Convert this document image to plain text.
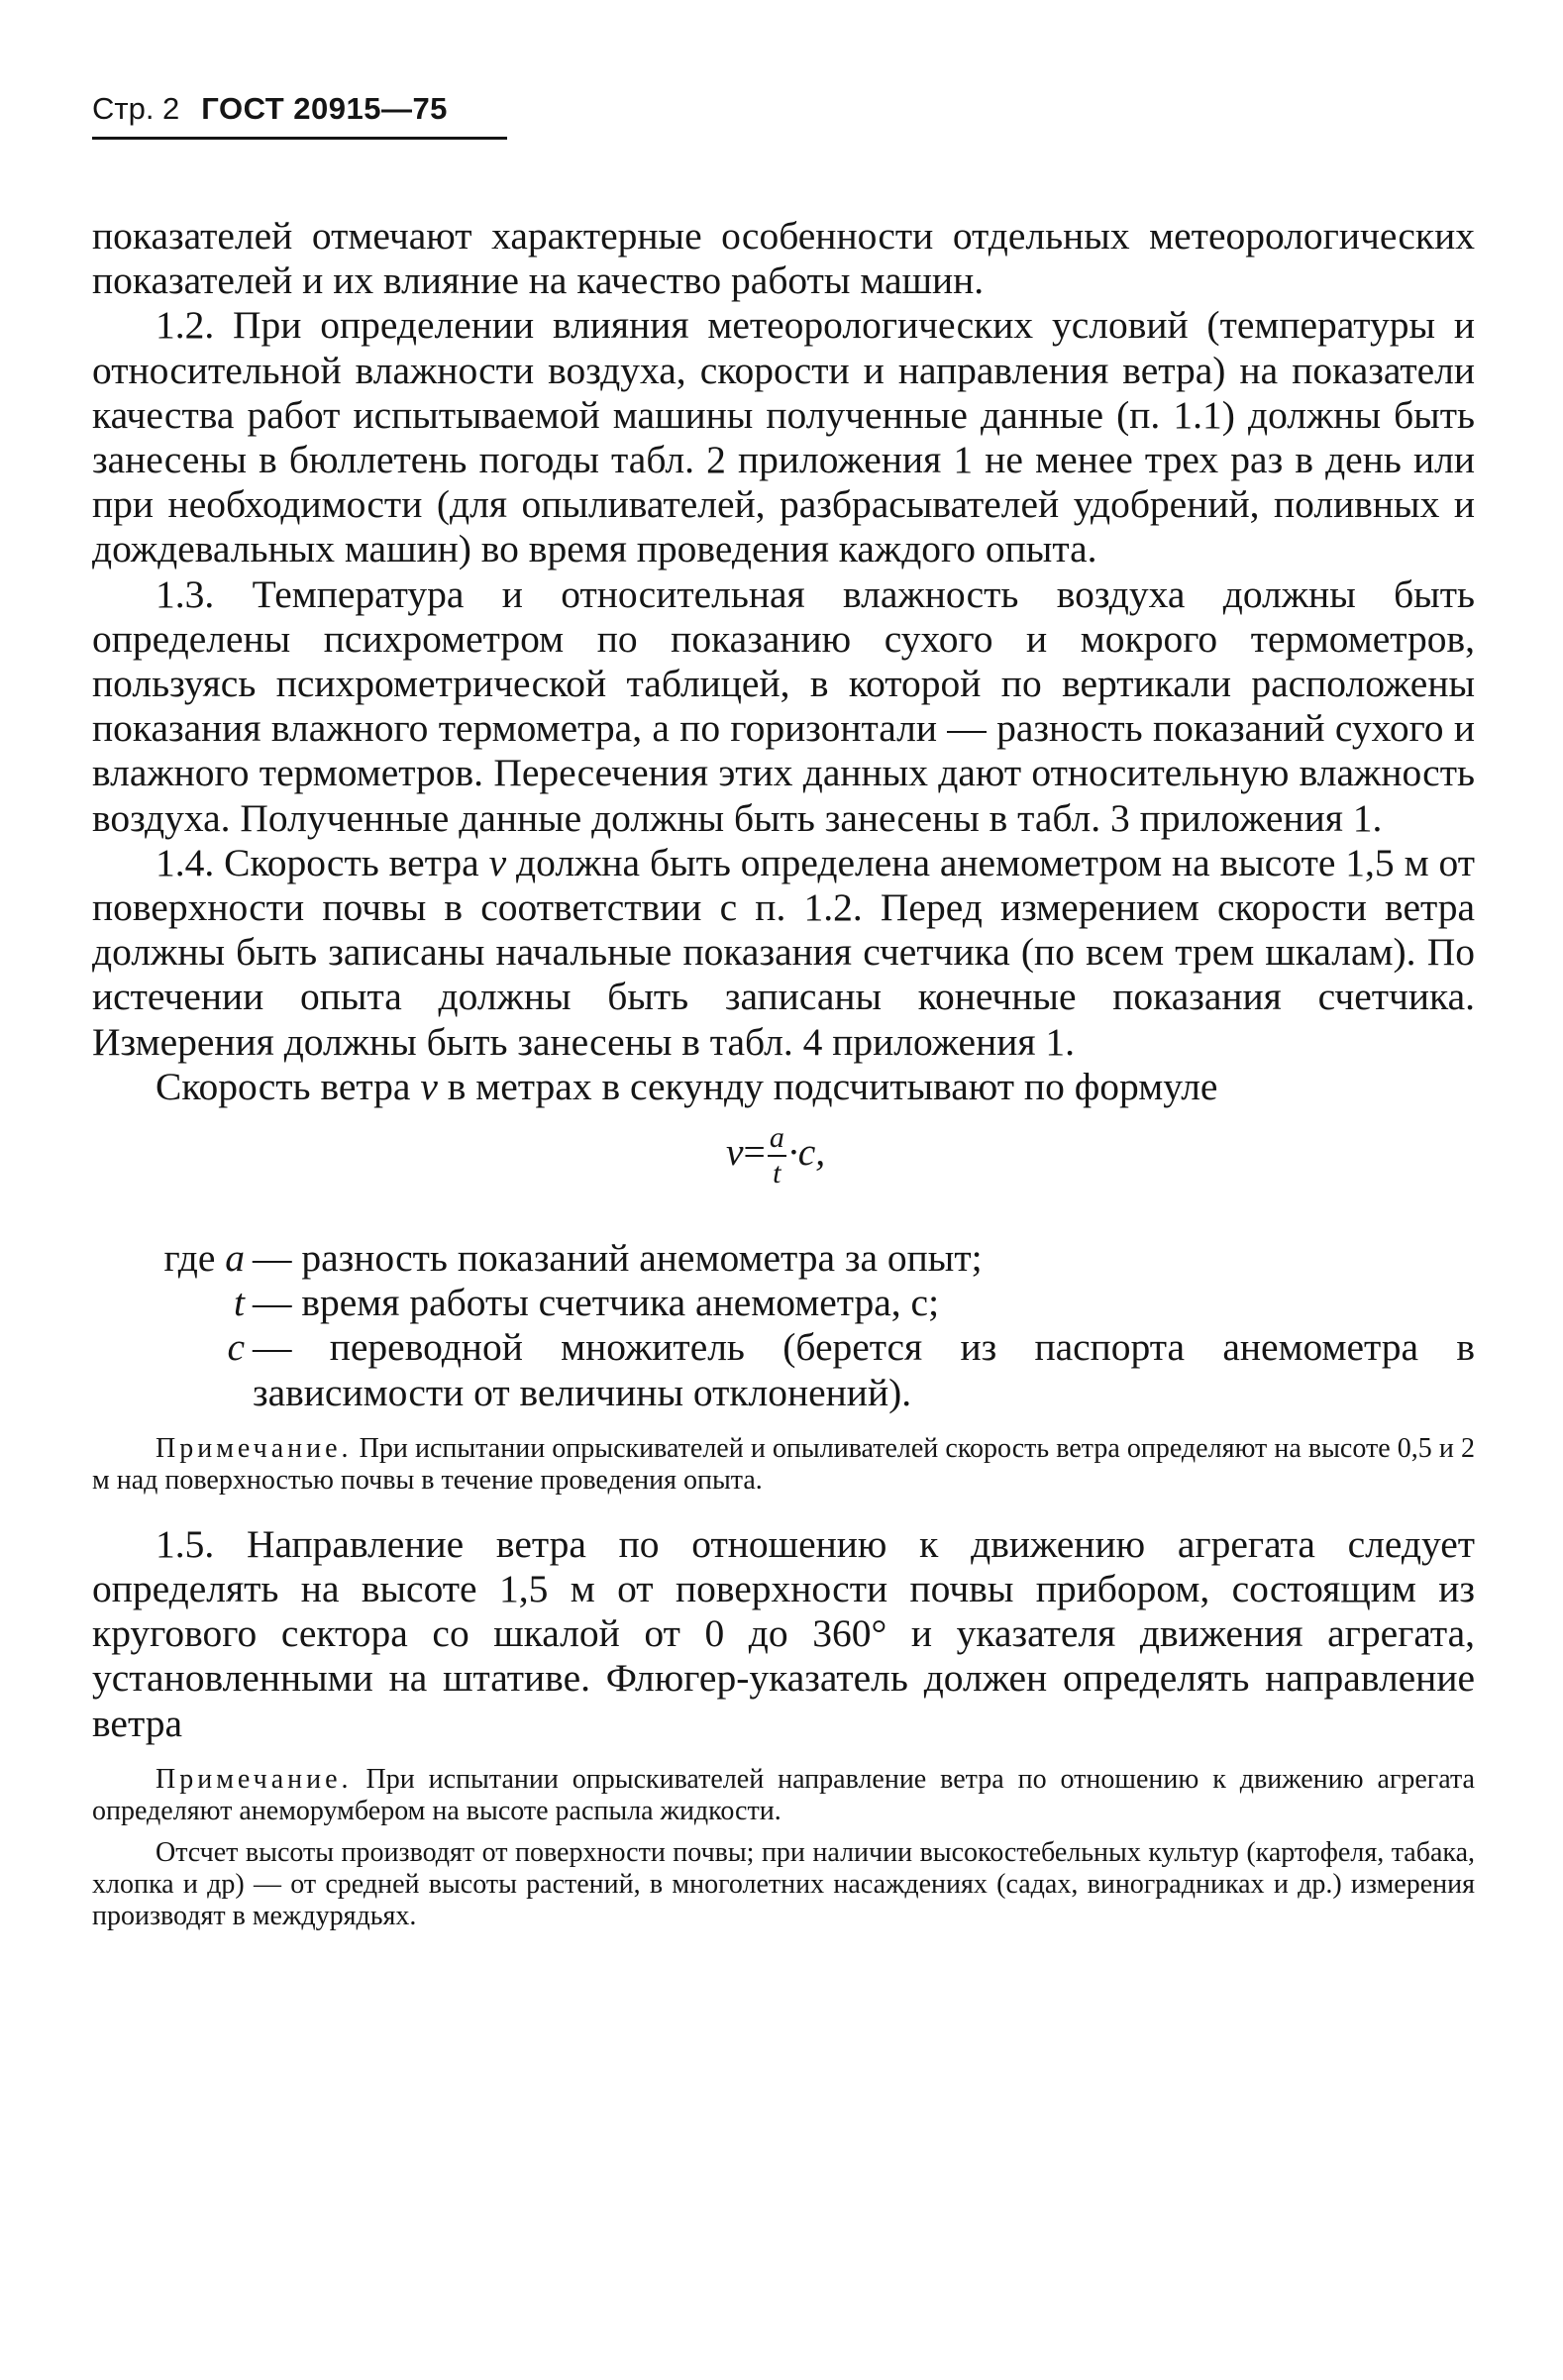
Стр. 2 ГОСТ 20915—75

показателей отмечают характерные особенности отдельных метеорологических показателей и их влияние на качество работы машин.

1.2. При определении влияния метеорологических условий (температуры и относительной влажности воздуха, скорости и направления ветра) на показатели качества работ испытываемой машины полученные данные (п. 1.1) должны быть занесены в бюллетень погоды табл. 2 приложения 1 не менее трех раз в день или при необходимости (для опыливателей, разбрасывателей удобрений, поливных и дождевальных машин) во время проведения каждого опыта.

1.3. Температура и относительная влажность воздуха должны быть определены психрометром по показанию сухого и мокрого термометров, пользуясь психрометрической таблицей, в которой по вертикали расположены показания влажного термометра, а по горизонтали — разность показаний сухого и влажного термометров. Пересечения этих данных дают относительную влажность воздуха. Полученные данные должны быть занесены в табл. 3 приложения 1.

1.4. Скорость ветра v должна быть определена анемометром на высоте 1,5 м от поверхности почвы в соответствии с п. 1.2. Перед измерением скорости ветра должны быть записаны начальные показания счетчика (по всем трем шкалам). По истечении опыта должны быть записаны конечные показания счетчика. Измерения должны быть занесены в табл. 4 приложения 1.

Скорость ветра v в метрах в секунду подсчитывают по формуле

$v= \frac{a}{t} \cdot c$,
где a — разность показаний анемометра за опыт;
t — время работы счетчика анемометра, с;
c — переводной множитель (берется из паспорта анемометра в зависимости от величины отклонений).

Примечание. При испытании опрыскивателей и опыливателей скорость ветра определяют на высоте 0,5 и 2 м над поверхностью почвы в течение проведения опыта.

1.5. Направление ветра по отношению к движению агрегата следует определять на высоте 1,5 м от поверхности почвы прибором, состоящим из кругового сектора со шкалой от 0 до 360° и указателя движения агрегата, установленными на штативе. Флюгер-указатель должен определять направление ветра

Примечание. При испытании опрыскивателей направление ветра по отношению к движению агрегата определяют анеморумбером на высоте распыла жидкости.

Отсчет высоты производят от поверхности почвы; при наличии высокостебельных культур (картофеля, табака, хлопка и др) — от средней высоты растений, в многолетних насаждениях (садах, виноградниках и др.) измерения производят в междурядьях.
